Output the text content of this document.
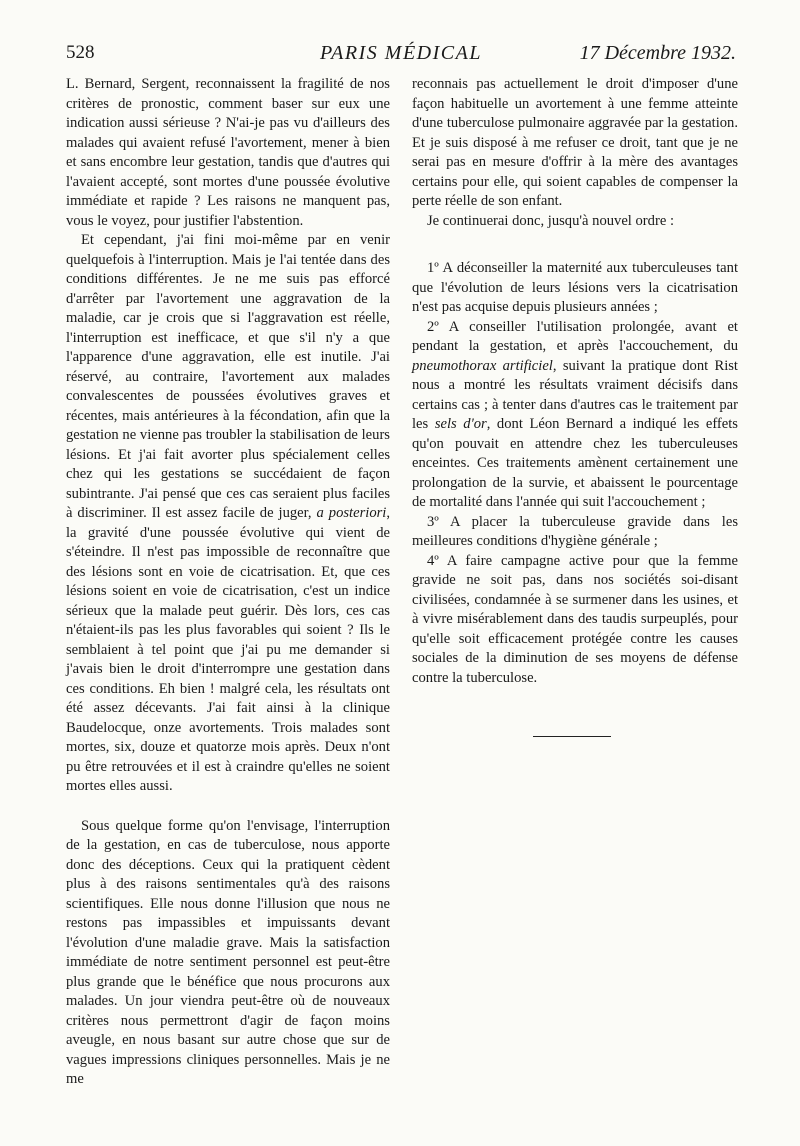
528	PARIS MÉDICAL	17 Décembre 1932.

L. Bernard, Sergent, reconnaissent la fragilité de nos critères de pronostic, comment baser sur eux une indication aussi sérieuse ? N'ai-je pas vu d'ailleurs des malades qui avaient refusé l'avortement, mener à bien et sans encombre leur gestation, tandis que d'autres qui l'avaient accepté, sont mortes d'une poussée évolutive immédiate et rapide ? Les raisons ne manquent pas, vous le voyez, pour justifier l'abstention.

Et cependant, j'ai fini moi-même par en venir quelquefois à l'interruption. Mais je l'ai tentée dans des conditions différentes. Je ne me suis pas efforcé d'arrêter par l'avortement une aggravation de la maladie, car je crois que si l'aggravation est réelle, l'interruption est inefficace, et que s'il n'y a que l'apparence d'une aggravation, elle est inutile. J'ai réservé, au contraire, l'avortement aux malades convalescentes de poussées évolutives graves et récentes, mais antérieures à la fécondation, afin que la gestation ne vienne pas troubler la stabilisation de leurs lésions. Et j'ai fait avorter plus spécialement celles chez qui les gestations se succédaient de façon subintrante. J'ai pensé que ces cas seraient plus faciles à discriminer. Il est assez facile de juger, a posteriori, la gravité d'une poussée évolutive qui vient de s'éteindre. Il n'est pas impossible de reconnaître que des lésions sont en voie de cicatrisation. Et, que ces lésions soient en voie de cicatrisation, c'est un indice sérieux que la malade peut guérir. Dès lors, ces cas n'étaient-ils pas les plus favorables qui soient ? Ils le semblaient à tel point que j'ai pu me demander si j'avais bien le droit d'interrompre une gestation dans ces conditions. Eh bien ! malgré cela, les résultats ont été assez décevants. J'ai fait ainsi à la clinique Baudelocque, onze avortements. Trois malades sont mortes, six, douze et quatorze mois après. Deux n'ont pu être retrouvées et il est à craindre qu'elles ne soient mortes elles aussi.

Sous quelque forme qu'on l'envisage, l'interruption de la gestation, en cas de tuberculose, nous apporte donc des déceptions. Ceux qui la pratiquent cèdent plus à des raisons sentimentales qu'à des raisons scientifiques. Elle nous donne l'illusion que nous ne restons pas impassibles et impuissants devant l'évolution d'une maladie grave. Mais la satisfaction immédiate de notre sentiment personnel est peut-être plus grande que le bénéfice que nous procurons aux malades. Un jour viendra peut-être où de nouveaux critères nous permettront d'agir de façon moins aveugle, en nous basant sur autre chose que sur de vagues impressions cliniques personnelles. Mais je ne me

reconnais pas actuellement le droit d'imposer d'une façon habituelle un avortement à une femme atteinte d'une tuberculose pulmonaire aggravée par la gestation. Et je suis disposé à me refuser ce droit, tant que je ne serai pas en mesure d'offrir à la mère des avantages certains pour elle, qui soient capables de compenser la perte réelle de son enfant.

Je continuerai donc, jusqu'à nouvel ordre :

1º A déconseiller la maternité aux tuberculeuses tant que l'évolution de leurs lésions vers la cicatrisation n'est pas acquise depuis plusieurs années ;

2º A conseiller l'utilisation prolongée, avant et pendant la gestation, et après l'accouchement, du pneumothorax artificiel, suivant la pratique dont Rist nous a montré les résultats vraiment décisifs dans certains cas ; à tenter dans d'autres cas le traitement par les sels d'or, dont Léon Bernard a indiqué les effets qu'on pouvait en attendre chez les tuberculeuses enceintes. Ces traitements amènent certainement une prolongation de la survie, et abaissent le pourcentage de mortalité dans l'année qui suit l'accouchement ;

3º A placer la tuberculeuse gravide dans les meilleures conditions d'hygiène générale ;

4º A faire campagne active pour que la femme gravide ne soit pas, dans nos sociétés soi-disant civilisées, condamnée à se surmener dans les usines, et à vivre misérablement dans des taudis surpeuplés, pour qu'elle soit efficacement protégée contre les causes sociales de la diminution de ses moyens de défense contre la tuberculose.
